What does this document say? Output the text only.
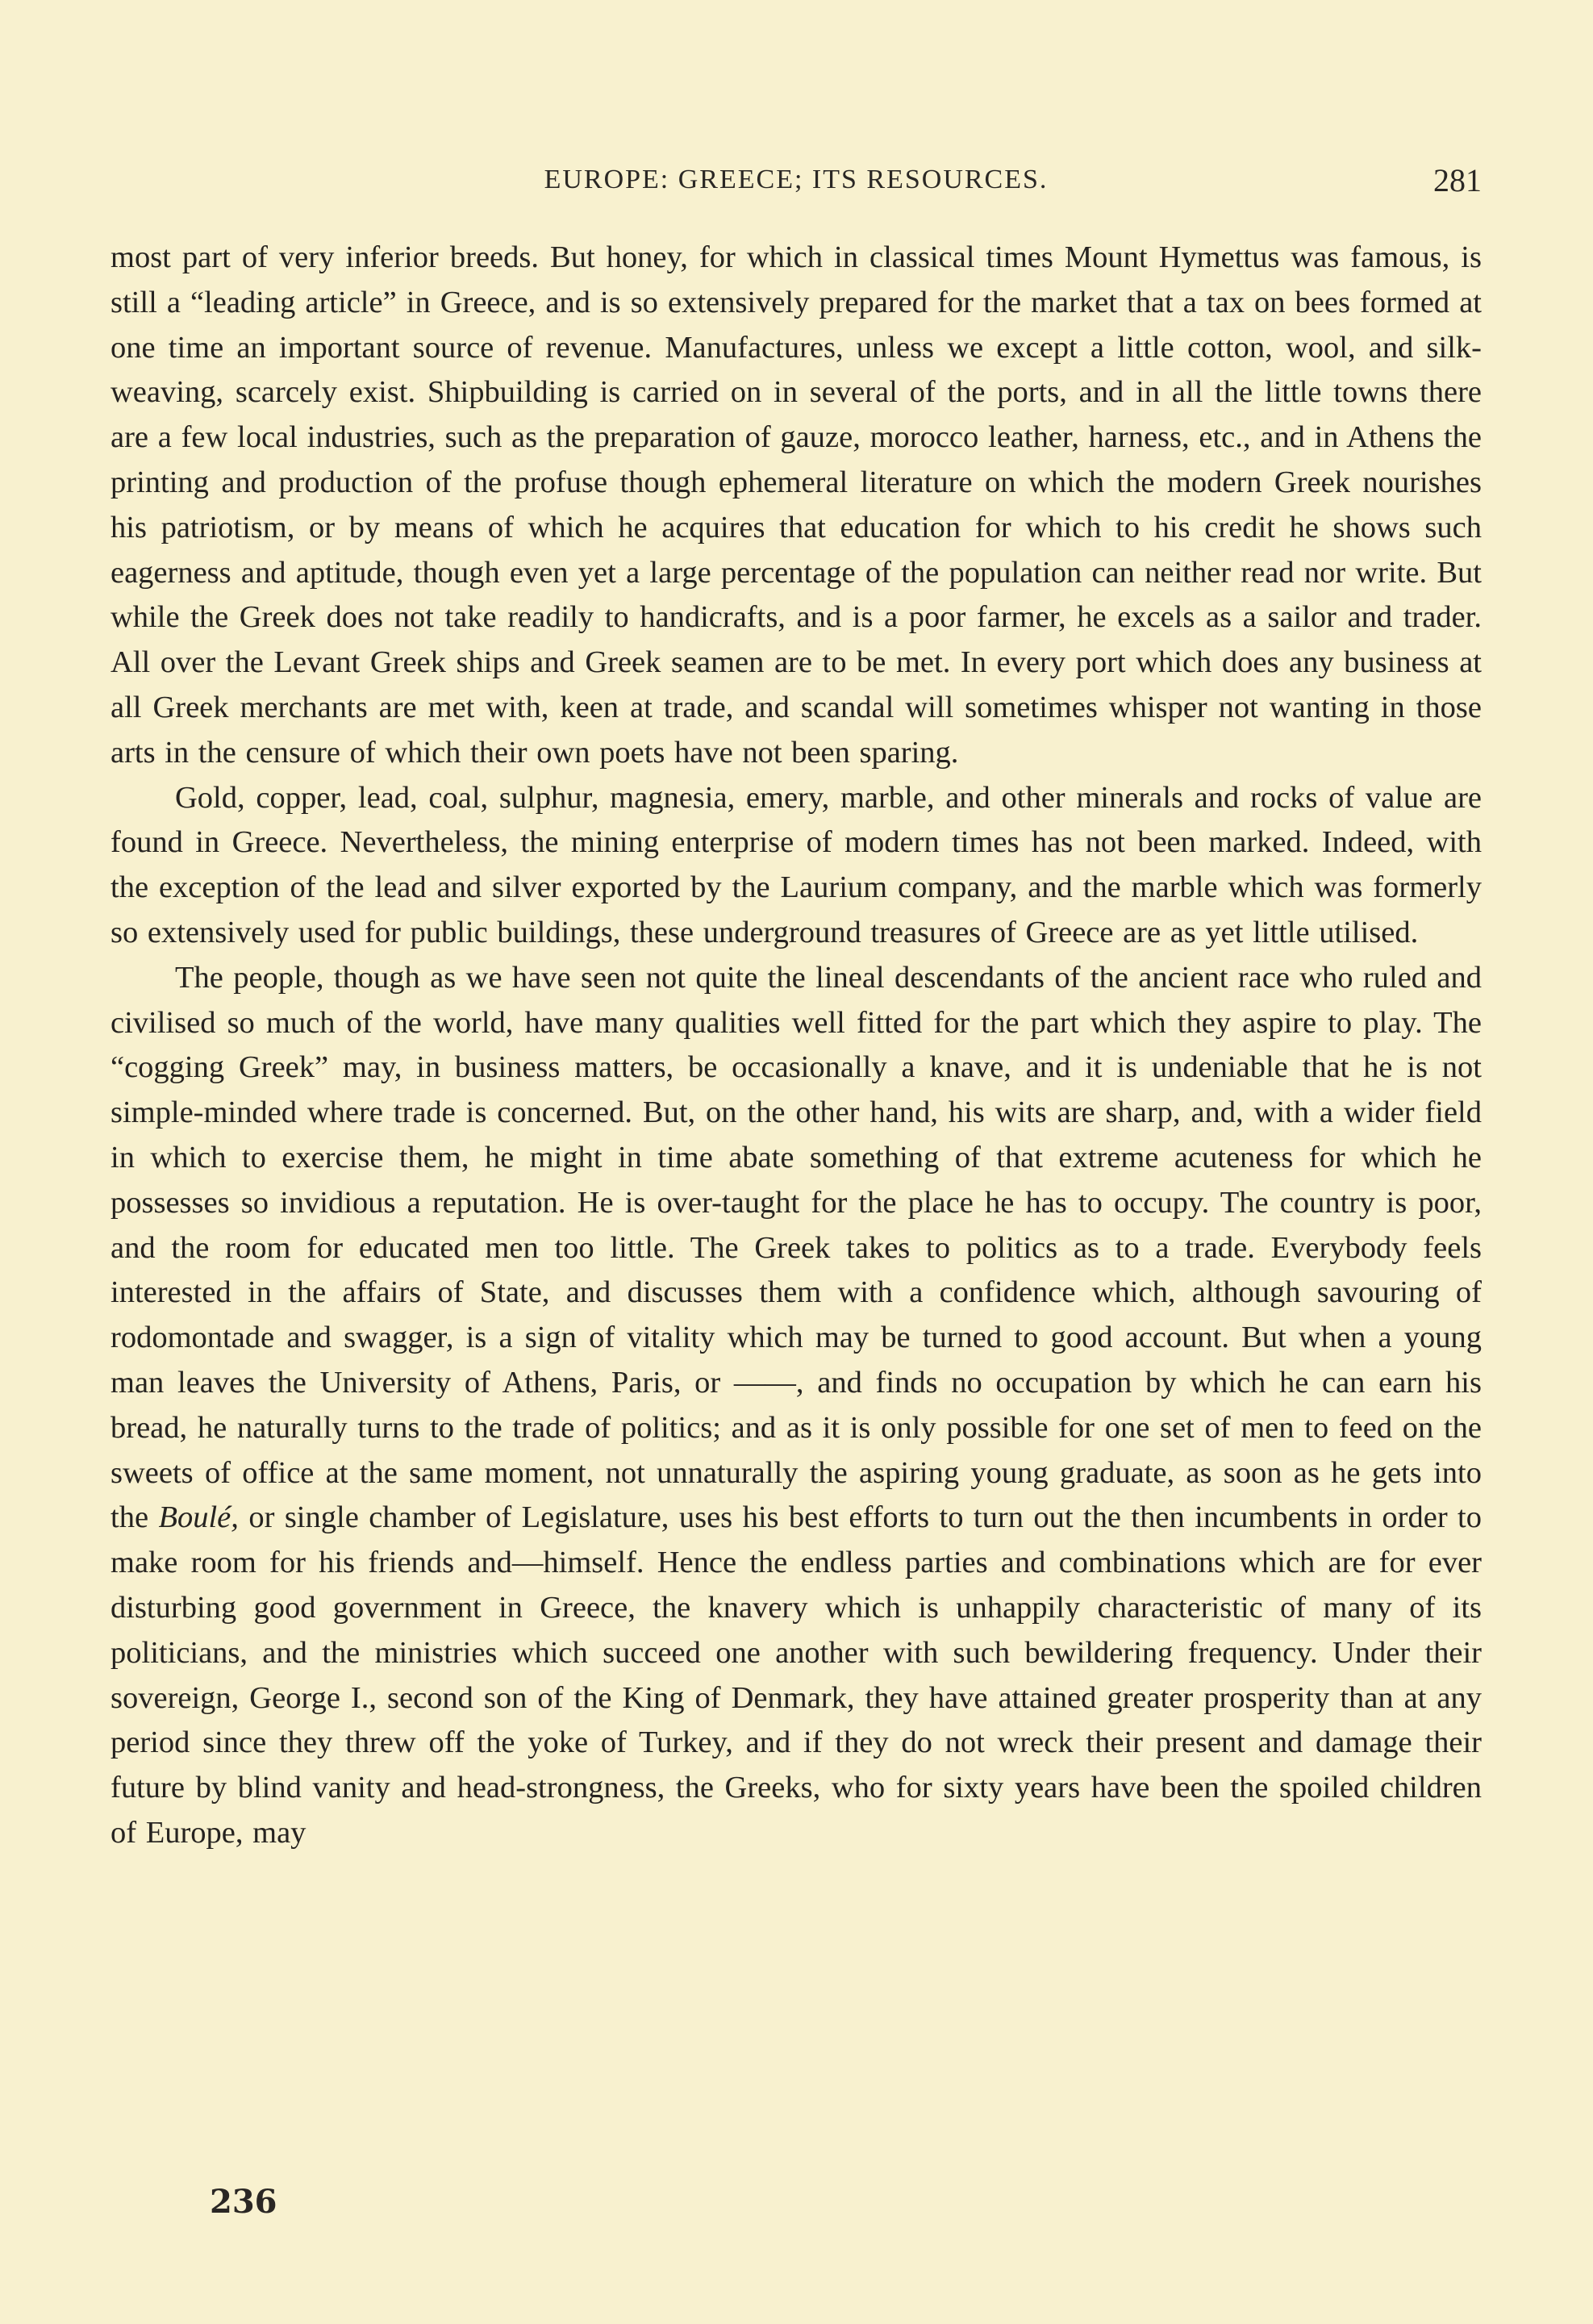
EUROPE: GREECE; ITS RESOURCES.	281

most part of very inferior breeds. But honey, for which in classical times Mount Hymettus was famous, is still a “leading article” in Greece, and is so extensively prepared for the market that a tax on bees formed at one time an important source of revenue. Manufactures, unless we except a little cotton, wool, and silk-weaving, scarcely exist. Shipbuilding is carried on in several of the ports, and in all the little towns there are a few local industries, such as the preparation of gauze, morocco leather, harness, etc., and in Athens the printing and production of the profuse though ephemeral literature on which the modern Greek nourishes his patriotism, or by means of which he acquires that education for which to his credit he shows such eagerness and aptitude, though even yet a large percentage of the population can neither read nor write. But while the Greek does not take readily to handicrafts, and is a poor farmer, he excels as a sailor and trader. All over the Levant Greek ships and Greek seamen are to be met. In every port which does any business at all Greek merchants are met with, keen at trade, and scandal will sometimes whisper not wanting in those arts in the censure of which their own poets have not been sparing.

Gold, copper, lead, coal, sulphur, magnesia, emery, marble, and other minerals and rocks of value are found in Greece. Nevertheless, the mining enterprise of modern times has not been marked. Indeed, with the exception of the lead and silver exported by the Laurium company, and the marble which was formerly so extensively used for public buildings, these underground treasures of Greece are as yet little utilised.

The people, though as we have seen not quite the lineal descendants of the ancient race who ruled and civilised so much of the world, have many qualities well fitted for the part which they aspire to play. The “cogging Greek” may, in business matters, be occasionally a knave, and it is undeniable that he is not simple-minded where trade is concerned. But, on the other hand, his wits are sharp, and, with a wider field in which to exercise them, he might in time abate something of that extreme acuteness for which he possesses so invidious a reputation. He is over-taught for the place he has to occupy. The country is poor, and the room for educated men too little. The Greek takes to politics as to a trade. Everybody feels interested in the affairs of State, and discusses them with a confidence which, although savouring of rodomontade and swagger, is a sign of vitality which may be turned to good account. But when a young man leaves the University of Athens, Paris, or ——, and finds no occupation by which he can earn his bread, he naturally turns to the trade of politics; and as it is only possible for one set of men to feed on the sweets of office at the same moment, not unnaturally the aspiring young graduate, as soon as he gets into the Boulé, or single chamber of Legislature, uses his best efforts to turn out the then incumbents in order to make room for his friends and—himself. Hence the endless parties and combinations which are for ever disturbing good government in Greece, the knavery which is unhappily characteristic of many of its politicians, and the ministries which succeed one another with such bewildering frequency. Under their sovereign, George I., second son of the King of Denmark, they have attained greater prosperity than at any period since they threw off the yoke of Turkey, and if they do not wreck their present and damage their future by blind vanity and head-strongness, the Greeks, who for sixty years have been the spoiled children of Europe, may

236
